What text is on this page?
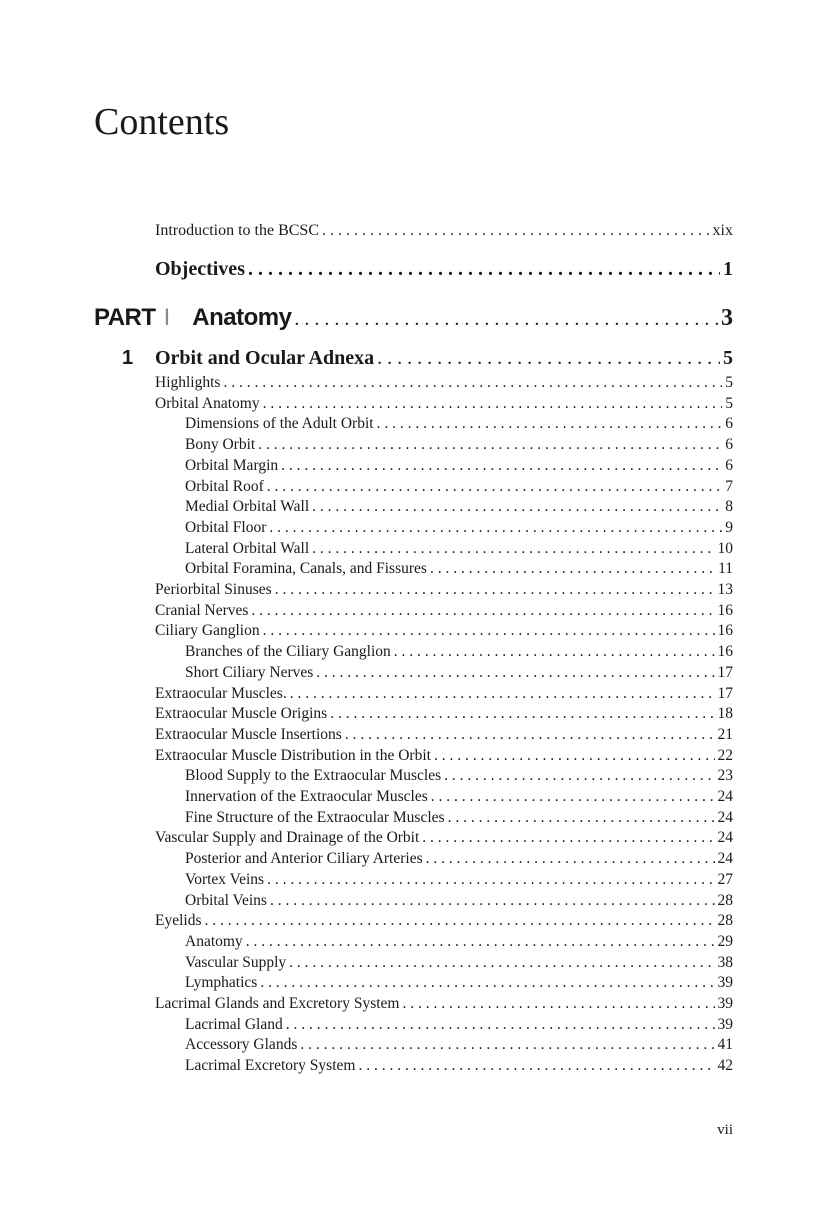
Contents
Introduction to the BCSC . .	xix
Objectives . .	1
PART I Anatomy . .	3
1 Orbit and Ocular Adnexa . .	5
Highlights . .	5
Orbital Anatomy . .	5
Dimensions of the Adult Orbit . .	6
Bony Orbit . .	6
Orbital Margin . .	6
Orbital Roof . .	7
Medial Orbital Wall . .	8
Orbital Floor . .	9
Lateral Orbital Wall . .	10
Orbital Foramina, Canals, and Fissures . .	11
Periorbital Sinuses . .	13
Cranial Nerves . .	16
Ciliary Ganglion . .	16
Branches of the Ciliary Ganglion . .	16
Short Ciliary Nerves . .	17
Extraocular Muscles. . .	17
Extraocular Muscle Origins . .	18
Extraocular Muscle Insertions . .	21
Extraocular Muscle Distribution in the Orbit . .	22
Blood Supply to the Extraocular Muscles . .	23
Innervation of the Extraocular Muscles . .	24
Fine Structure of the Extraocular Muscles . .	24
Vascular Supply and Drainage of the Orbit . .	24
Posterior and Anterior Ciliary Arteries . .	24
Vortex Veins . .	27
Orbital Veins . .	28
Eyelids . .	28
Anatomy . .	29
Vascular Supply . .	38
Lymphatics . .	39
Lacrimal Glands and Excretory System . .	39
Lacrimal Gland . .	39
Accessory Glands . .	41
Lacrimal Excretory System . .	42
vii
